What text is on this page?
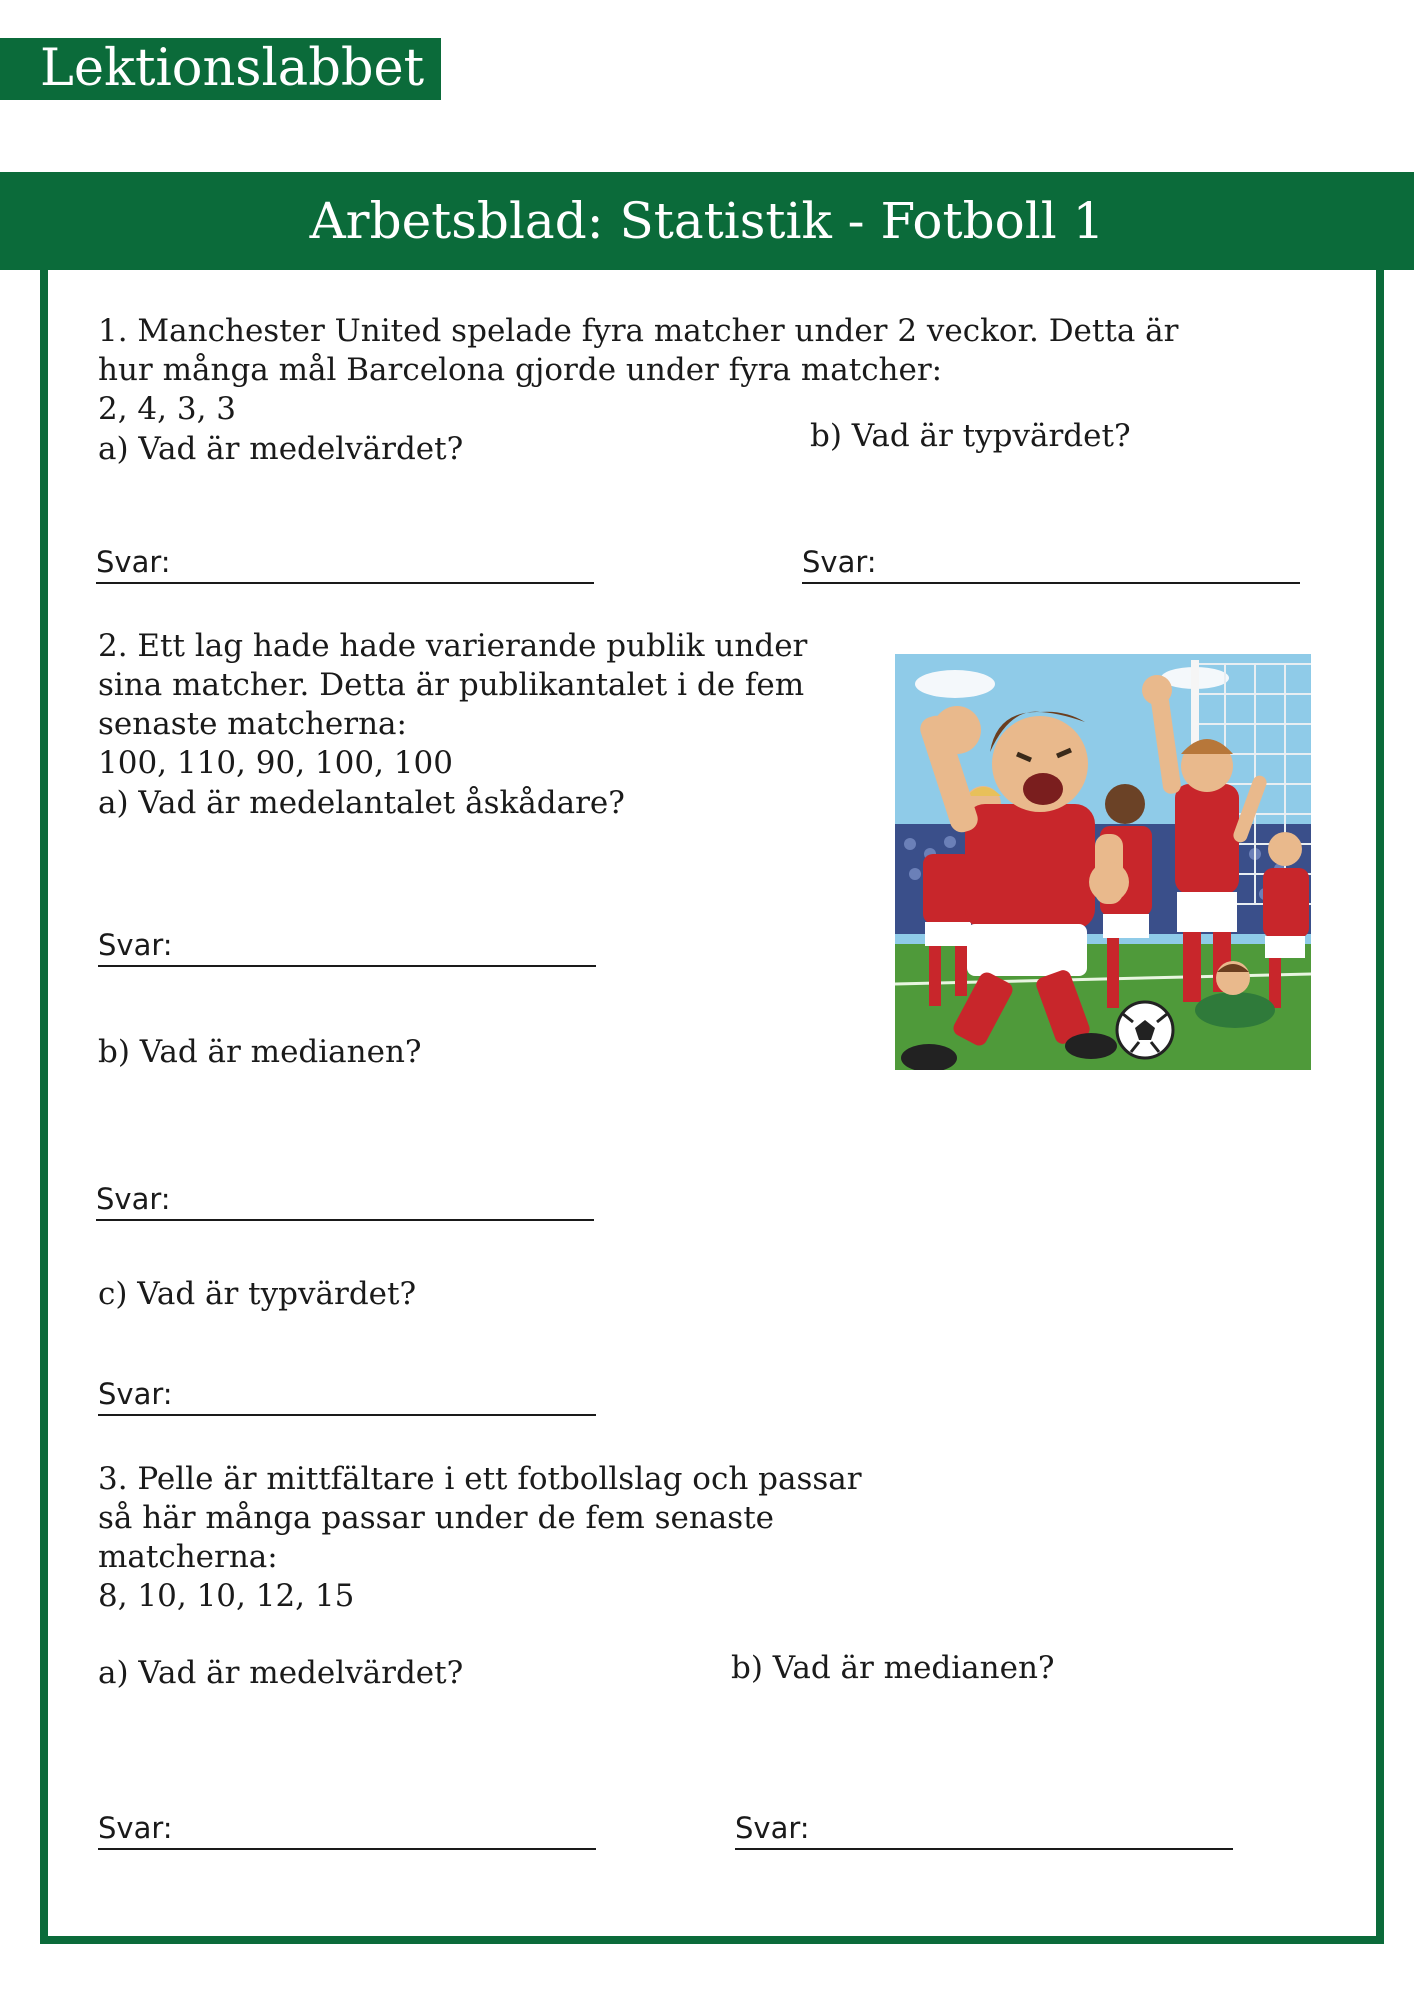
Lektionslabbet
Arbetsblad: Statistik - Fotboll 1
1. Manchester United spelade fyra matcher under 2 veckor. Detta är
hur många mål Barcelona gjorde under fyra matcher:
2, 4, 3, 3
a) Vad är medelvärdet?	b) Vad är typvärdet?
Svar:	Svar:
2. Ett lag hade hade varierande publik under
sina matcher. Detta är publikantalet i de fem
senaste matcherna:
100, 110, 90, 100, 100
a) Vad är medelantalet åskådare?
Svar:
b) Vad är medianen?
Svar:
c) Vad är typvärdet?
Svar:
3. Pelle är mittfältare i ett fotbollslag och passar
så här många passar under de fem senaste
matcherna:
8, 10, 10, 12, 15
a) Vad är medelvärdet?	b) Vad är medianen?
Svar:	Svar:
